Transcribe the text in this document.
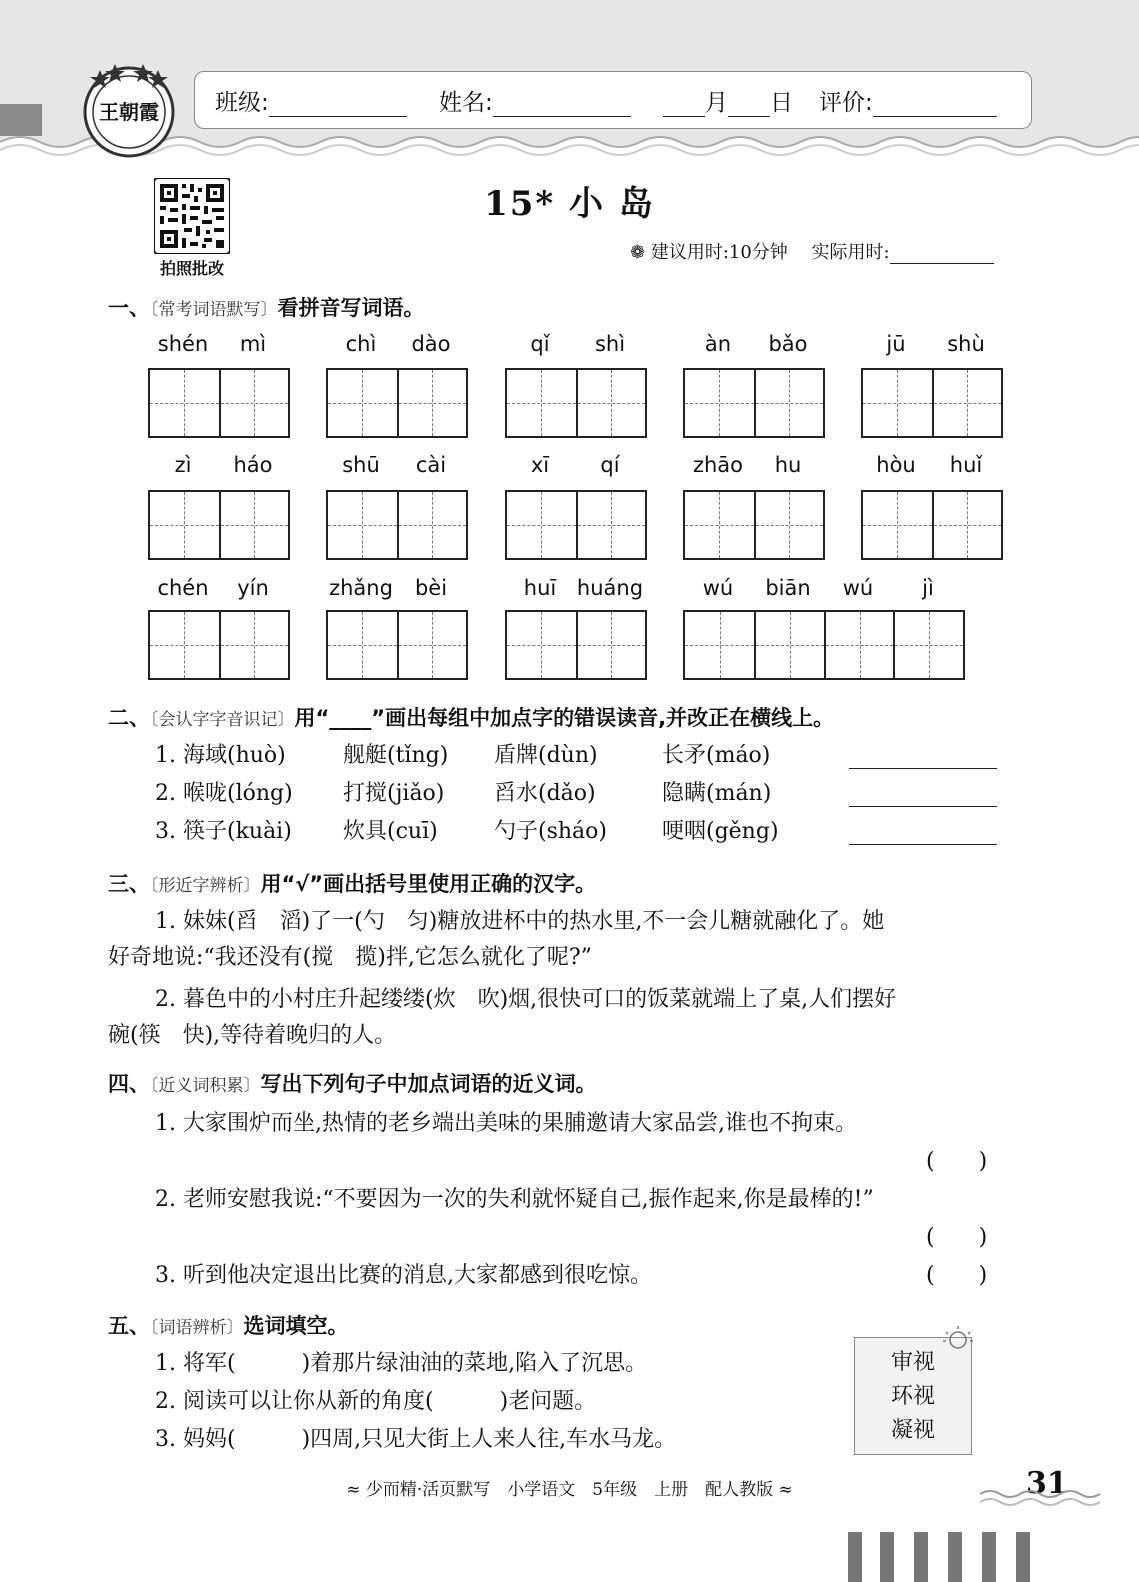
王朝霞 班级:	姓名:	月 日 评价:
拍照批改
15* 小 岛
❁ 建议用时:10分钟 实际用时:
一、〔常考词语默写〕看拼音写词语。
shén	mì	chì	dào	qǐ	shì	àn	bǎo	jū	shù
zì	háo	shū	cài	xī	qí	zhāo	hu	hòu	huǐ
chén	yín	zhǎng	bèi	huī huáng	wú	biān	wú	jì
二、〔会认字字音识记〕用“____”画出每组中加点字的错误读音,并改正在横线上。
1. 海域(huò)	舰艇(tǐng) 盾牌(dùn)	长矛(máo)
2. 喉咙(lóng) 打搅(jiǎo) 舀水(dǎo)	隐瞒(mán)
3. 筷子(kuài) 炊具(cuī)	勺子(sháo)	哽咽(gěng)
三、〔形近字辨析〕用“√”画出括号里使用正确的汉字。
1. 妹妹(舀　滔)了一(勺　匀)糖放进杯中的热水里,不一会儿糖就融化了。她
好奇地说:“我还没有(搅　揽)拌,它怎么就化了呢?”
2. 暮色中的小村庄升起缕缕(炊　吹)烟,很快可口的饭菜就端上了桌,人们摆好
碗(筷　快),等待着晚归的人。
四、〔近义词积累〕写出下列句子中加点词语的近义词。
1. 大家围炉而坐,热情的老乡端出美味的果脯邀请大家品尝,谁也不拘束。
(　　)
2. 老师安慰我说:“不要因为一次的失利就怀疑自己,振作起来,你是最棒的!”
(　　)
3. 听到他决定退出比赛的消息,大家都感到很吃惊。	(　　)
五、〔词语辨析〕选词填空。
1. 将军(　　　)着那片绿油油的菜地,陷入了沉思。
2. 阅读可以让你从新的角度(　　　)老问题。
3. 妈妈(　　　)四周,只见大街上人来人往,车水马龙。
审视
环视
凝视
≈ 少而精·活页默写　小学语文　5年级　上册　配人教版 ≈	31
